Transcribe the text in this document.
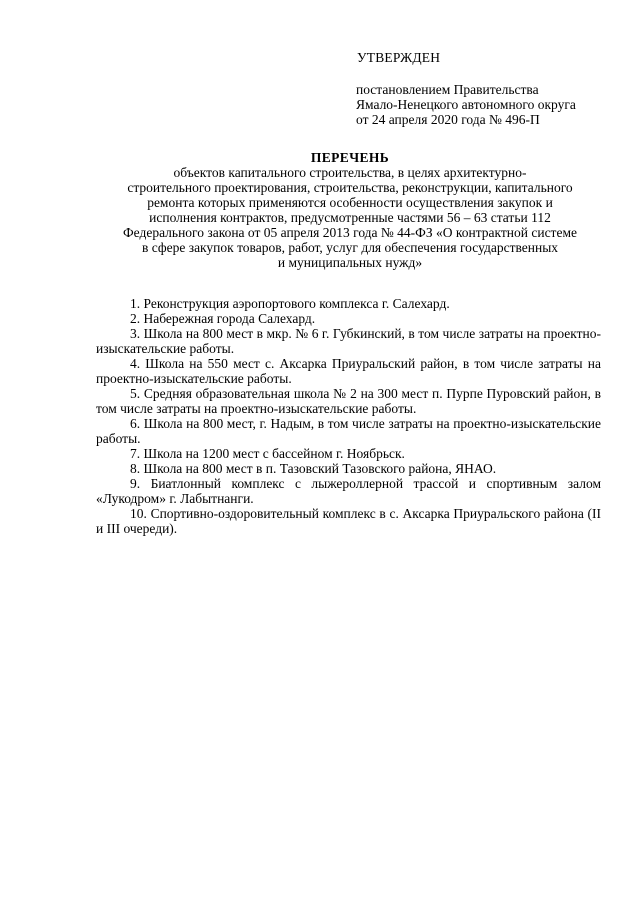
УТВЕРЖДЕН
постановлением Правительства
Ямало-Ненецкого автономного округа
от 24 апреля 2020 года № 496-П
ПЕРЕЧЕНЬ
объектов капитального строительства, в целях архитектурно-
строительного проектирования, строительства, реконструкции, капитального
ремонта которых применяются особенности осуществления закупок и
исполнения контрактов, предусмотренные частями 56 – 63 статьи 112
Федерального закона от 05 апреля 2013 года № 44-ФЗ «О контрактной системе
в сфере закупок товаров, работ, услуг для обеспечения государственных
и муниципальных нужд»

1. Реконструкция аэропортового комплекса г. Салехард.

2. Набережная города Салехард.

3. Школа на 800 мест в мкр. № 6 г. Губкинский, в том числе затраты на проектно-изыскательские работы.

4. Школа на 550 мест с. Аксарка Приуральский район, в том числе затраты на проектно-изыскательские работы.

5. Средняя образовательная школа № 2 на 300 мест п. Пурпе Пуровский район, в том числе затраты на проектно-изыскательские работы.

6. Школа на 800 мест, г. Надым, в том числе затраты на проектно-изыскательские работы.

7. Школа на 1200 мест с бассейном г. Ноябрьск.

8. Школа на 800 мест в п. Тазовский Тазовского района, ЯНАО.

9. Биатлонный комплекс с лыжероллерной трассой и спортивным залом «Лукодром» г. Лабытнанги.

10. Спортивно-оздоровительный комплекс в с. Аксарка Приуральского района (II и III очереди).
